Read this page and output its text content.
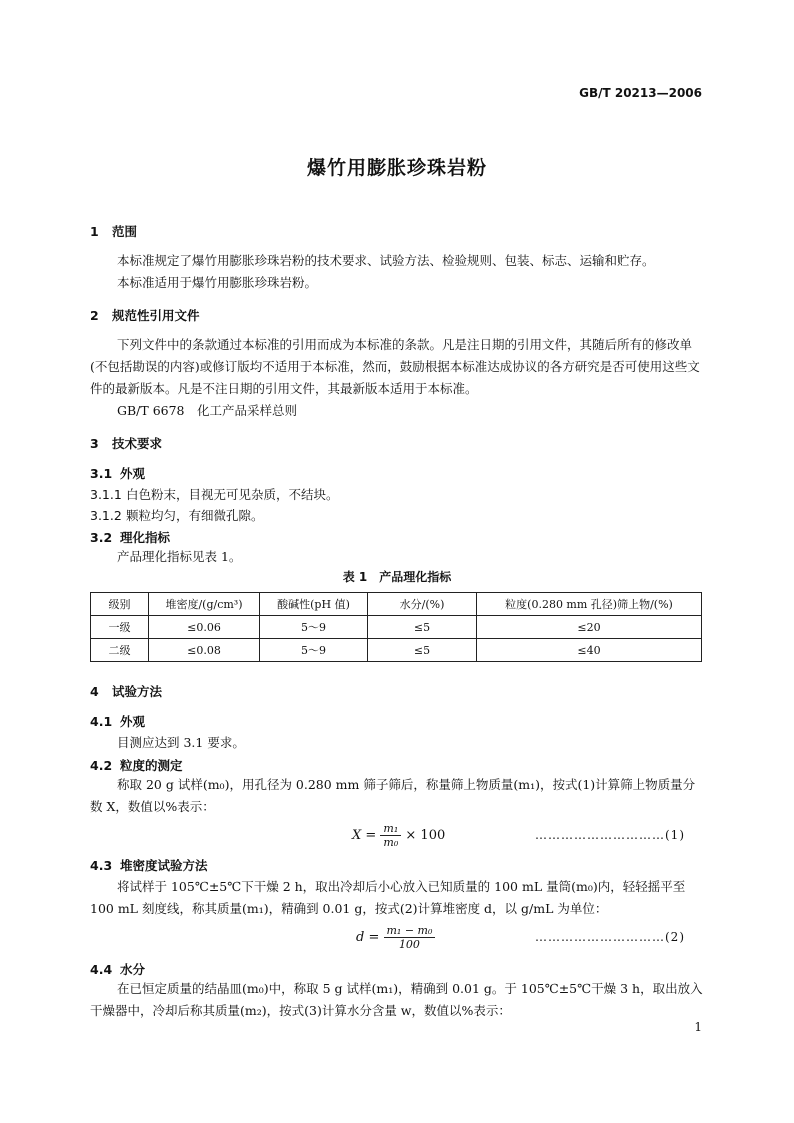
GB/T 20213—2006
爆竹用膨胀珍珠岩粉
1 范围
本标准规定了爆竹用膨胀珍珠岩粉的技术要求、试验方法、检验规则、包装、标志、运输和贮存。
本标准适用于爆竹用膨胀珍珠岩粉。
2 规范性引用文件
下列文件中的条款通过本标准的引用而成为本标准的条款。凡是注日期的引用文件，其随后所有的修改单(不包括勘误的内容)或修订版均不适用于本标准，然而，鼓励根据本标准达成协议的各方研究是否可使用这些文件的最新版本。凡是不注日期的引用文件，其最新版本适用于本标准。
GB/T 6678　化工产品采样总则
3 技术要求
3.1 外观
3.1.1 白色粉末，目视无可见杂质，不结块。
3.1.2 颗粒均匀，有细微孔隙。
3.2 理化指标
产品理化指标见表 1。
表 1　产品理化指标
级别	堆密度/(g/cm³)	酸碱性(pH 值)	水分/(%)	粒度(0.280 mm 孔径)筛上物/(%)
一级	≤0.06	5～9	≤5	≤20
二级	≤0.08	5～9	≤5	≤40
4 试验方法
4.1 外观
目测应达到 3.1 要求。
4.2 粒度的测定
称取 20 g 试样(m₀)，用孔径为 0.280 mm 筛子筛后，称量筛上物质量(m₁)，按式(1)计算筛上物质量分数 X，数值以%表示：
$X = \frac{\text{m₁}}{\text{m₀}} \times 100$	…………………………(1)
4.3 堆密度试验方法
将试样于 105℃±5℃下干燥 2 h，取出冷却后小心放入已知质量的 100 mL 量筒(m₀)内，轻轻摇平至 100 mL 刻度线，称其质量(m₁)，精确到 0.01 g，按式(2)计算堆密度 d，以 g/mL 为单位：
$d = \frac{\text{m₁ − m₀}}{100}$	…………………………(2)
4.4 水分
在已恒定质量的结晶皿(m₀)中，称取 5 g 试样(m₁)，精确到 0.01 g。于 105℃±5℃干燥 3 h，取出放入干燥器中，冷却后称其质量(m₂)，按式(3)计算水分含量 w，数值以%表示：
1
